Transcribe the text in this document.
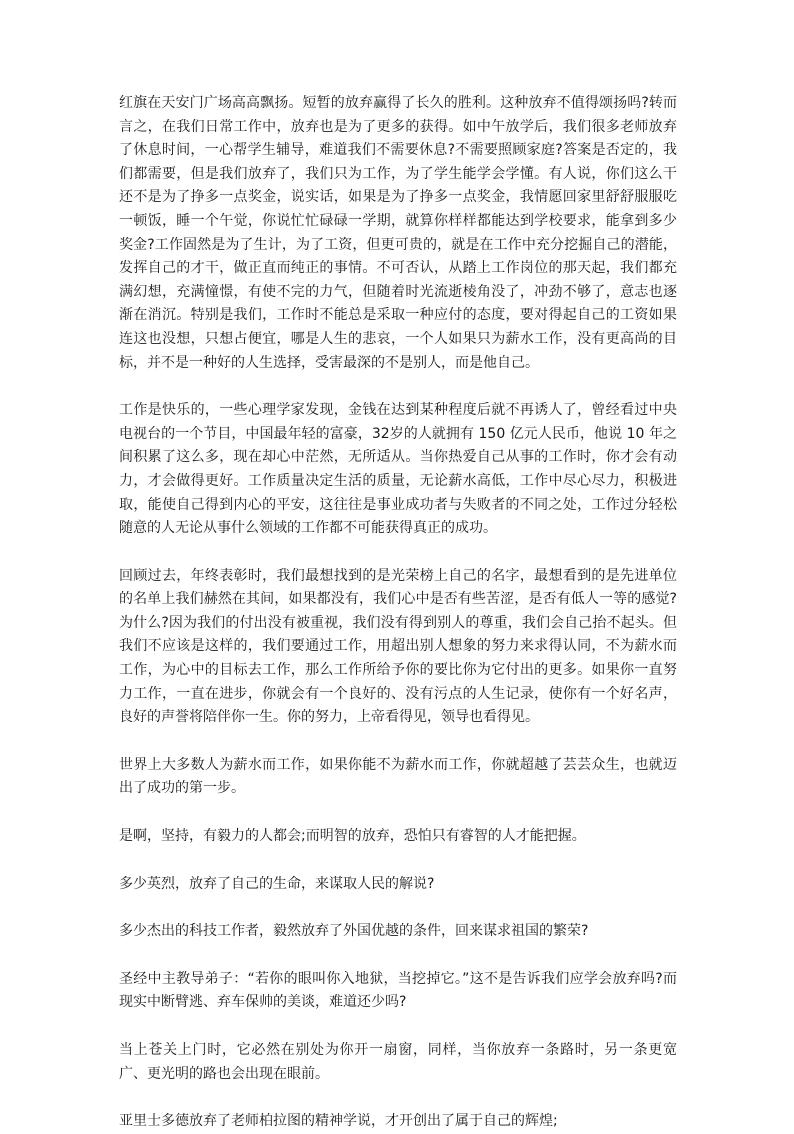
红旗在天安门广场高高飘扬。短暂的放弃赢得了长久的胜利。这种放弃不值得颂扬吗?转而言之，在我们日常工作中，放弃也是为了更多的获得。如中午放学后，我们很多老师放弃了休息时间，一心帮学生辅导，难道我们不需要休息?不需要照顾家庭?答案是否定的，我们都需要，但是我们放弃了，我们只为工作，为了学生能学会学懂。有人说，你们这么干还不是为了挣多一点奖金，说实话，如果是为了挣多一点奖金，我情愿回家里舒舒服服吃一顿饭，睡一个午觉，你说忙忙碌碌一学期，就算你样样都能达到学校要求，能拿到多少奖金?工作固然是为了生计，为了工资，但更可贵的，就是在工作中充分挖掘自己的潜能，发挥自己的才干，做正直而纯正的事情。不可否认，从踏上工作岗位的那天起，我们都充满幻想，充满憧憬，有使不完的力气，但随着时光流逝棱角没了，冲劲不够了，意志也逐渐在消沉。特别是我们，工作时不能总是采取一种应付的态度，要对得起自己的工资如果连这也没想，只想占便宜，哪是人生的悲哀，一个人如果只为薪水工作，没有更高尚的目标，并不是一种好的人生选择，受害最深的不是别人，而是他自己。

工作是快乐的，一些心理学家发现，金钱在达到某种程度后就不再诱人了，曾经看过中央电视台的一个节目，中国最年轻的富豪，32岁的人就拥有 150 亿元人民币，他说 10 年之间积累了这么多，现在却心中茫然，无所适从。当你热爱自己从事的工作时，你才会有动力，才会做得更好。工作质量决定生活的质量，无论薪水高低，工作中尽心尽力，积极进取，能使自己得到内心的平安，这往往是事业成功者与失败者的不同之处，工作过分轻松随意的人无论从事什么领域的工作都不可能获得真正的成功。

回顾过去，年终表彰时，我们最想找到的是光荣榜上自己的名字，最想看到的是先进单位的名单上我们赫然在其间，如果都没有，我们心中是否有些苦涩，是否有低人一等的感觉?为什么?因为我们的付出没有被重视，我们没有得到别人的尊重，我们会自己抬不起头。但我们不应该是这样的，我们要通过工作，用超出别人想象的努力来求得认同，不为薪水而工作，为心中的目标去工作，那么工作所给予你的要比你为它付出的更多。如果你一直努力工作，一直在进步，你就会有一个良好的、没有污点的人生记录，使你有一个好名声，良好的声誉将陪伴你一生。你的努力，上帝看得见，领导也看得见。

世界上大多数人为薪水而工作，如果你能不为薪水而工作，你就超越了芸芸众生，也就迈出了成功的第一步。

是啊，坚持，有毅力的人都会;而明智的放弃，恐怕只有睿智的人才能把握。

多少英烈，放弃了自己的生命，来谋取人民的解说?

多少杰出的科技工作者，毅然放弃了外国优越的条件，回来谋求祖国的繁荣?

圣经中主教导弟子：“若你的眼叫你入地狱，当挖掉它。”这不是告诉我们应学会放弃吗?而现实中断臂逃、弃车保帅的美谈，难道还少吗?

当上苍关上门时，它必然在别处为你开一扇窗，同样，当你放弃一条路时，另一条更宽广、更光明的路也会出现在眼前。

亚里士多德放弃了老师柏拉图的精神学说，才开创出了属于自己的辉煌;
